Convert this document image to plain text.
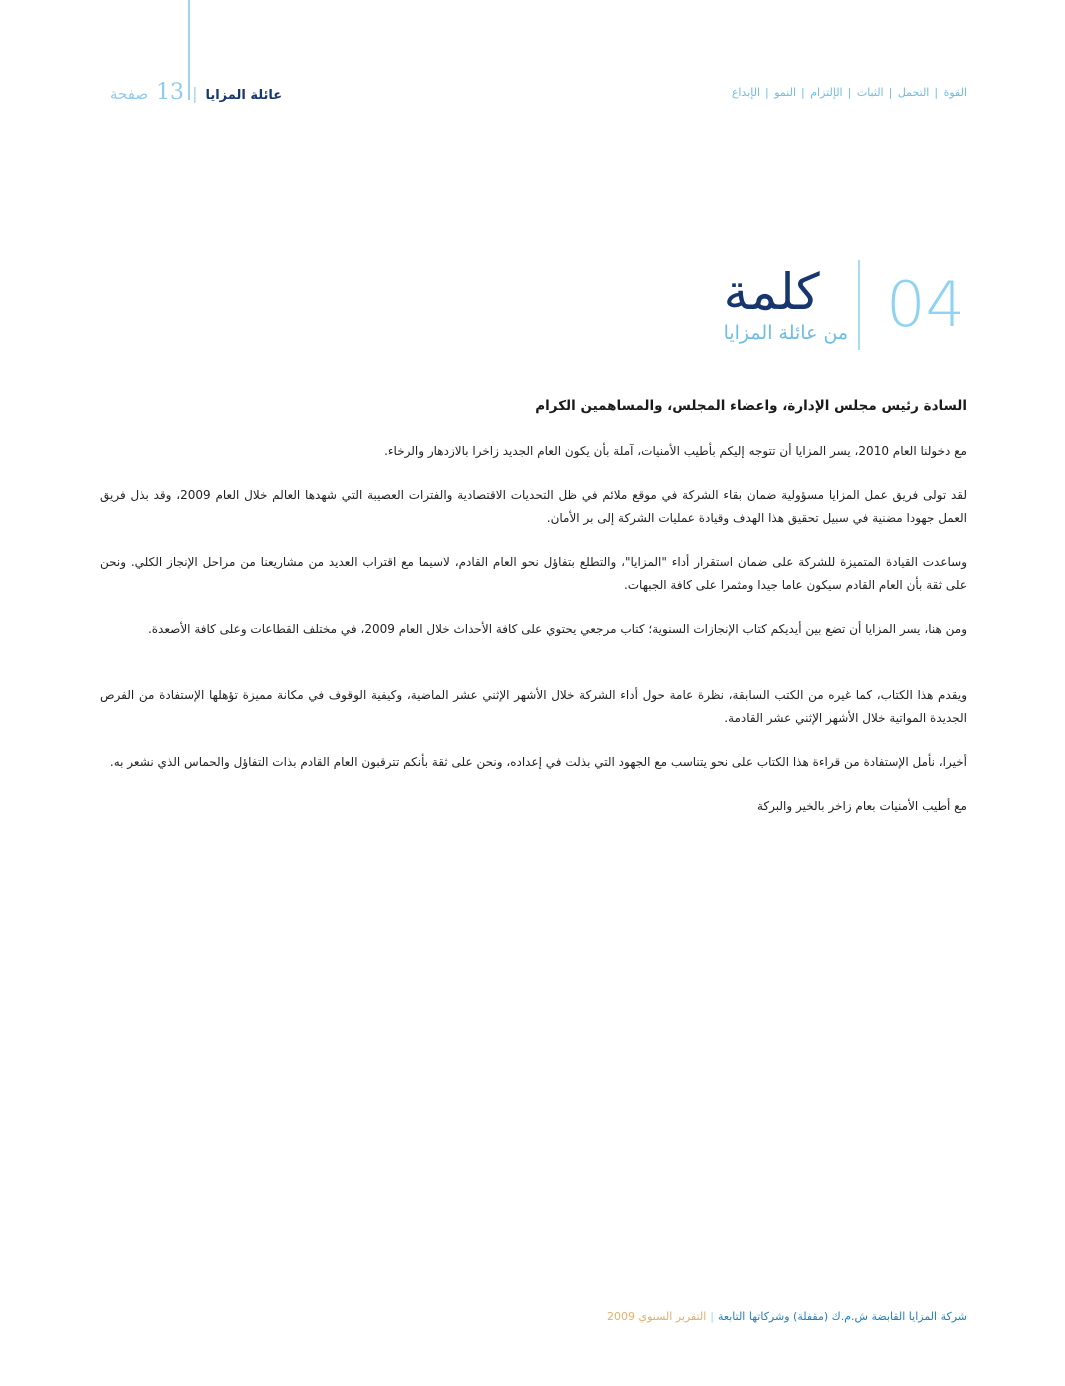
عائلة المزايا
|
13
صفحة	القوة
|
التحمل
|
الثبات
|
الإلتزام
|
النمو
|
الإبداع
04
كلمة
من عائلة المزايا

السادة رئيس مجلس الإدارة، واعضاء المجلس، والمساهمين الكرام

مع دخولنا العام 2010، يسر المزايا أن تتوجه إليكم بأطيب الأمنيات، آملة بأن يكون العام الجديد زاخرا بالازدهار والرخاء.

لقد تولى فريق عمل المزايا مسؤولية ضمان بقاء الشركة في موقع ملائم في ظل التحديات الاقتصادية والفترات العصيبة التي شهدها العالم خلال العام 2009، وقد بذل فريق العمل جهودا مضنية في سبيل تحقيق هذا الهدف وقيادة عمليات الشركة إلى بر الأمان.

وساعدت القيادة المتميزة للشركة على ضمان استقرار أداء "المزايا"، والتطلع بتفاؤل نحو العام القادم، لاسيما مع اقتراب العديد من مشاريعنا من مراحل الإنجاز الكلي. ونحن على ثقة بأن العام القادم سيكون عاما جيدا ومثمرا على كافة الجبهات.

ومن هنا، يسر المزايا أن تضع بين أيديكم كتاب الإنجازات السنوية؛ كتاب مرجعي يحتوي على كافة الأحداث خلال العام 2009، في مختلف القطاعات وعلى كافة الأصعدة.

ويقدم هذا الكتاب، كما غيره من الكتب السابقة، نظرة عامة حول أداء الشركة خلال الأشهر الإثني عشر الماضية، وكيفية الوقوف في مكانة مميزة تؤهلها الإستفادة من الفرص الجديدة المواتية خلال الأشهر الإثني عشر القادمة.

أخيرا، نأمل الإستفادة من قراءة هذا الكتاب على نحو يتناسب مع الجهود التي بذلت في إعداده، ونحن على ثقة بأنكم تترقبون العام القادم بذات التفاؤل والحماس الذي نشعر به.

مع أطيب الأمنيات بعام زاخر بالخير والبركة

شركة المزايا القابضة ش.م.ك (مقفلة) وشركاتها التابعة
|
التقرير السنوي 2009
